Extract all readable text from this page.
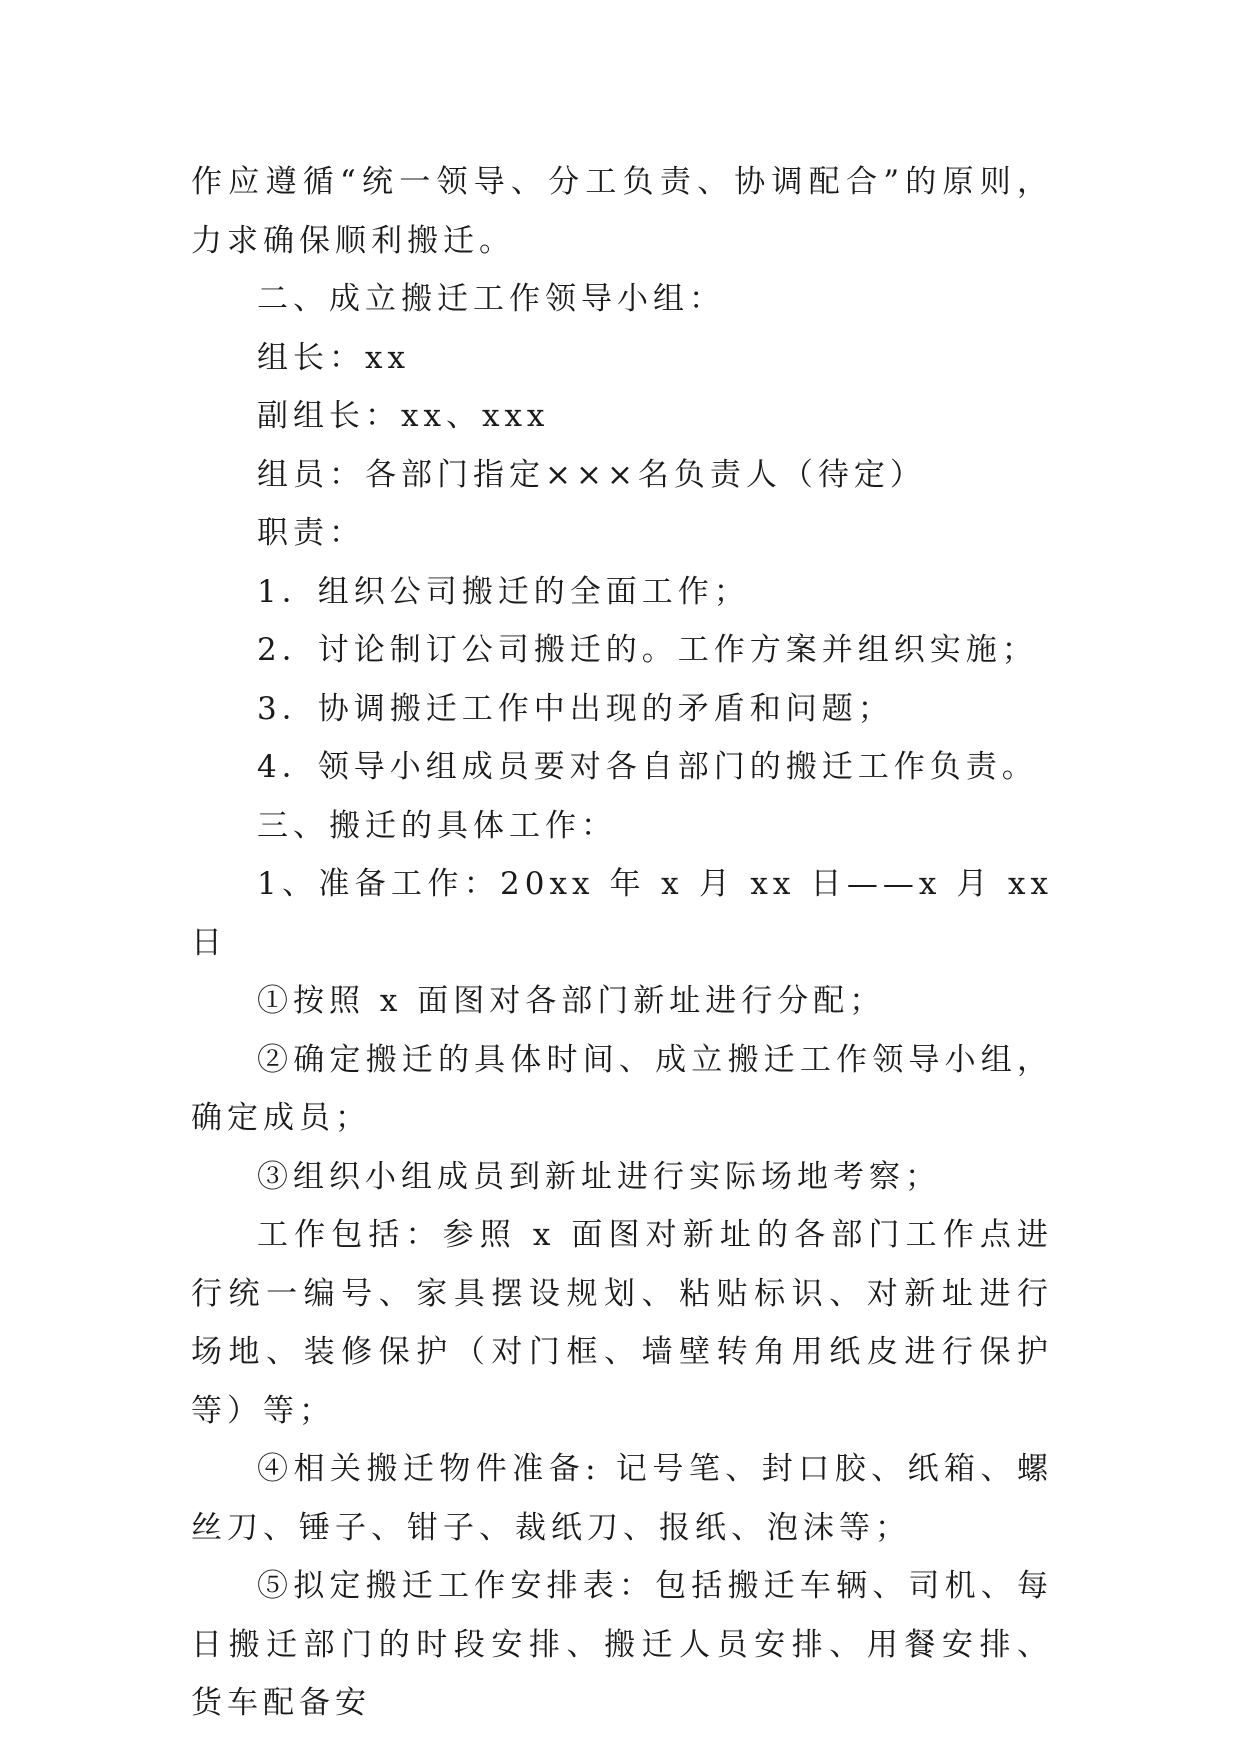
作应遵循“统一领导、分工负责、协调配合”的原则，力求确保顺利搬迁。

二、成立搬迁工作领导小组：

组长：xx

副组长：xx、xxx

组员：各部门指定×××名负责人（待定）

职责：

1．组织公司搬迁的全面工作；

2．讨论制订公司搬迁的。工作方案并组织实施；

3．协调搬迁工作中出现的矛盾和问题；

4．领导小组成员要对各自部门的搬迁工作负责。

三、搬迁的具体工作：

1、准备工作：20xx 年 x 月 xx 日——x 月 xx 日

①按照 x 面图对各部门新址进行分配；

②确定搬迁的具体时间、成立搬迁工作领导小组，确定成员；

③组织小组成员到新址进行实际场地考察；

工作包括：参照 x 面图对新址的各部门工作点进行统一编号、家具摆设规划、粘贴标识、对新址进行场地、装修保护（对门框、墙壁转角用纸皮进行保护等）等；

④相关搬迁物件准备: 记号笔、封口胶、纸箱、螺丝刀、锤子、钳子、裁纸刀、报纸、泡沫等；

⑤拟定搬迁工作安排表：包括搬迁车辆、司机、每日搬迁部门的时段安排、搬迁人员安排、用餐安排、货车配备安
